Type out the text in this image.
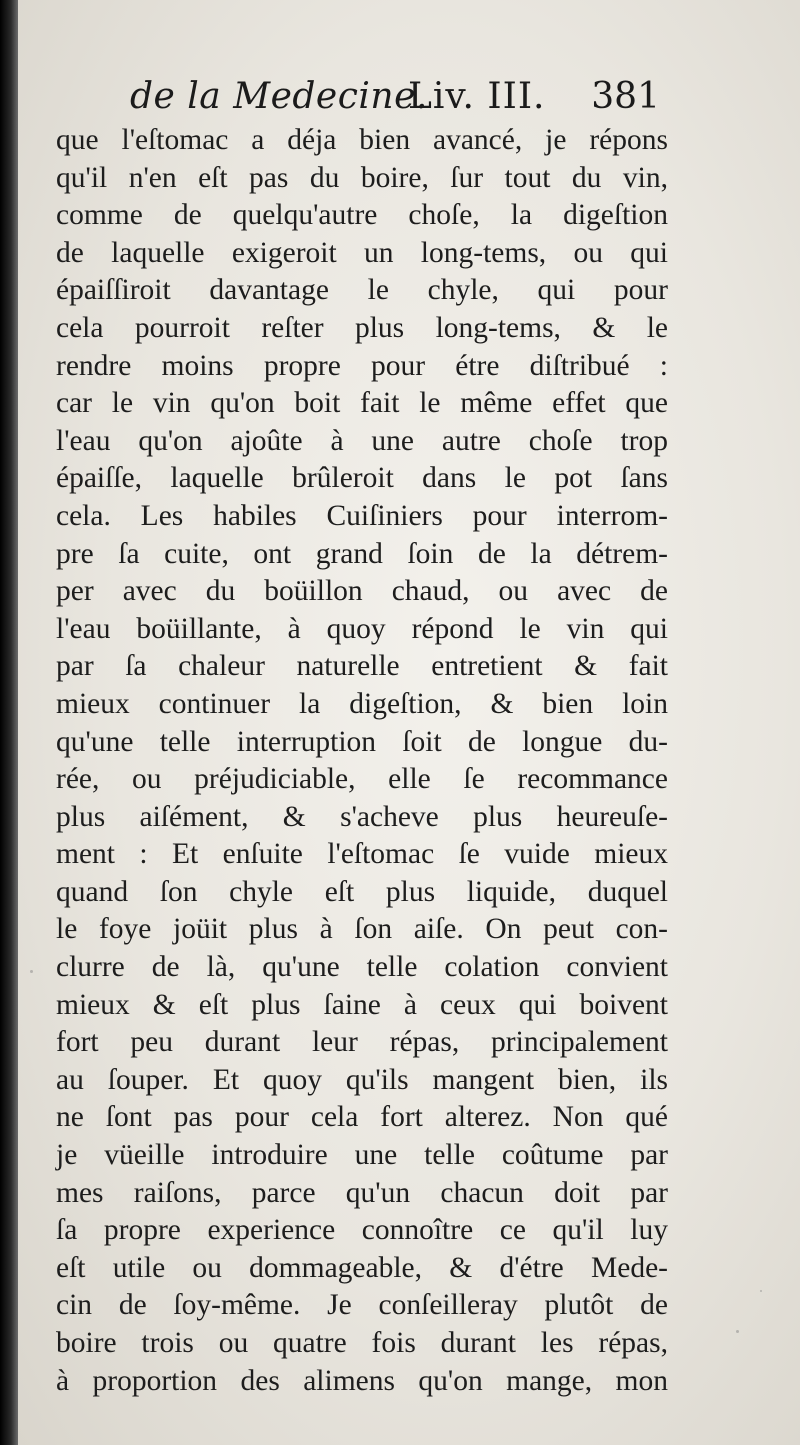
de la Medecine.
Liv. III. 381
que l'eſtomac a déja bien avancé, je répons
qu'il n'en eſt pas du boire, ſur tout du vin,
comme de quelqu'autre choſe, la digeſtion
de laquelle exigeroit un long-tems, ou qui
épaiſſiroit davantage le chyle, qui pour
cela pourroit reſter plus long-tems, & le
rendre moins propre pour étre diſtribué :
car le vin qu'on boit fait le même effet que
l'eau qu'on ajoûte à une autre choſe trop
épaiſſe, laquelle brûleroit dans le pot ſans
cela. Les habiles Cuiſiniers pour interrom-
pre ſa cuite, ont grand ſoin de la détrem-
per avec du boüillon chaud, ou avec de
l'eau boüillante, à quoy répond le vin qui
par ſa chaleur naturelle entretient & fait
mieux continuer la digeſtion, & bien loin
qu'une telle interruption ſoit de longue du-
rée, ou préjudiciable, elle ſe recommance
plus aiſément, & s'acheve plus heureuſe-
ment : Et enſuite l'eſtomac ſe vuide mieux
quand ſon chyle eſt plus liquide, duquel
le foye joüit plus à ſon aiſe. On peut con-
clurre de là, qu'une telle colation convient
mieux & eſt plus ſaine à ceux qui boivent
fort peu durant leur répas, principalement
au ſouper. Et quoy qu'ils mangent bien, ils
ne ſont pas pour cela fort alterez. Non qué
je vüeille introduire une telle coûtume par
mes raiſons, parce qu'un chacun doit par
ſa propre experience connoître ce qu'il luy
eſt utile ou dommageable, & d'étre Mede-
cin de ſoy-même. Je conſeilleray plutôt de
boire trois ou quatre fois durant les répas,
à proportion des alimens qu'on mange, mon
